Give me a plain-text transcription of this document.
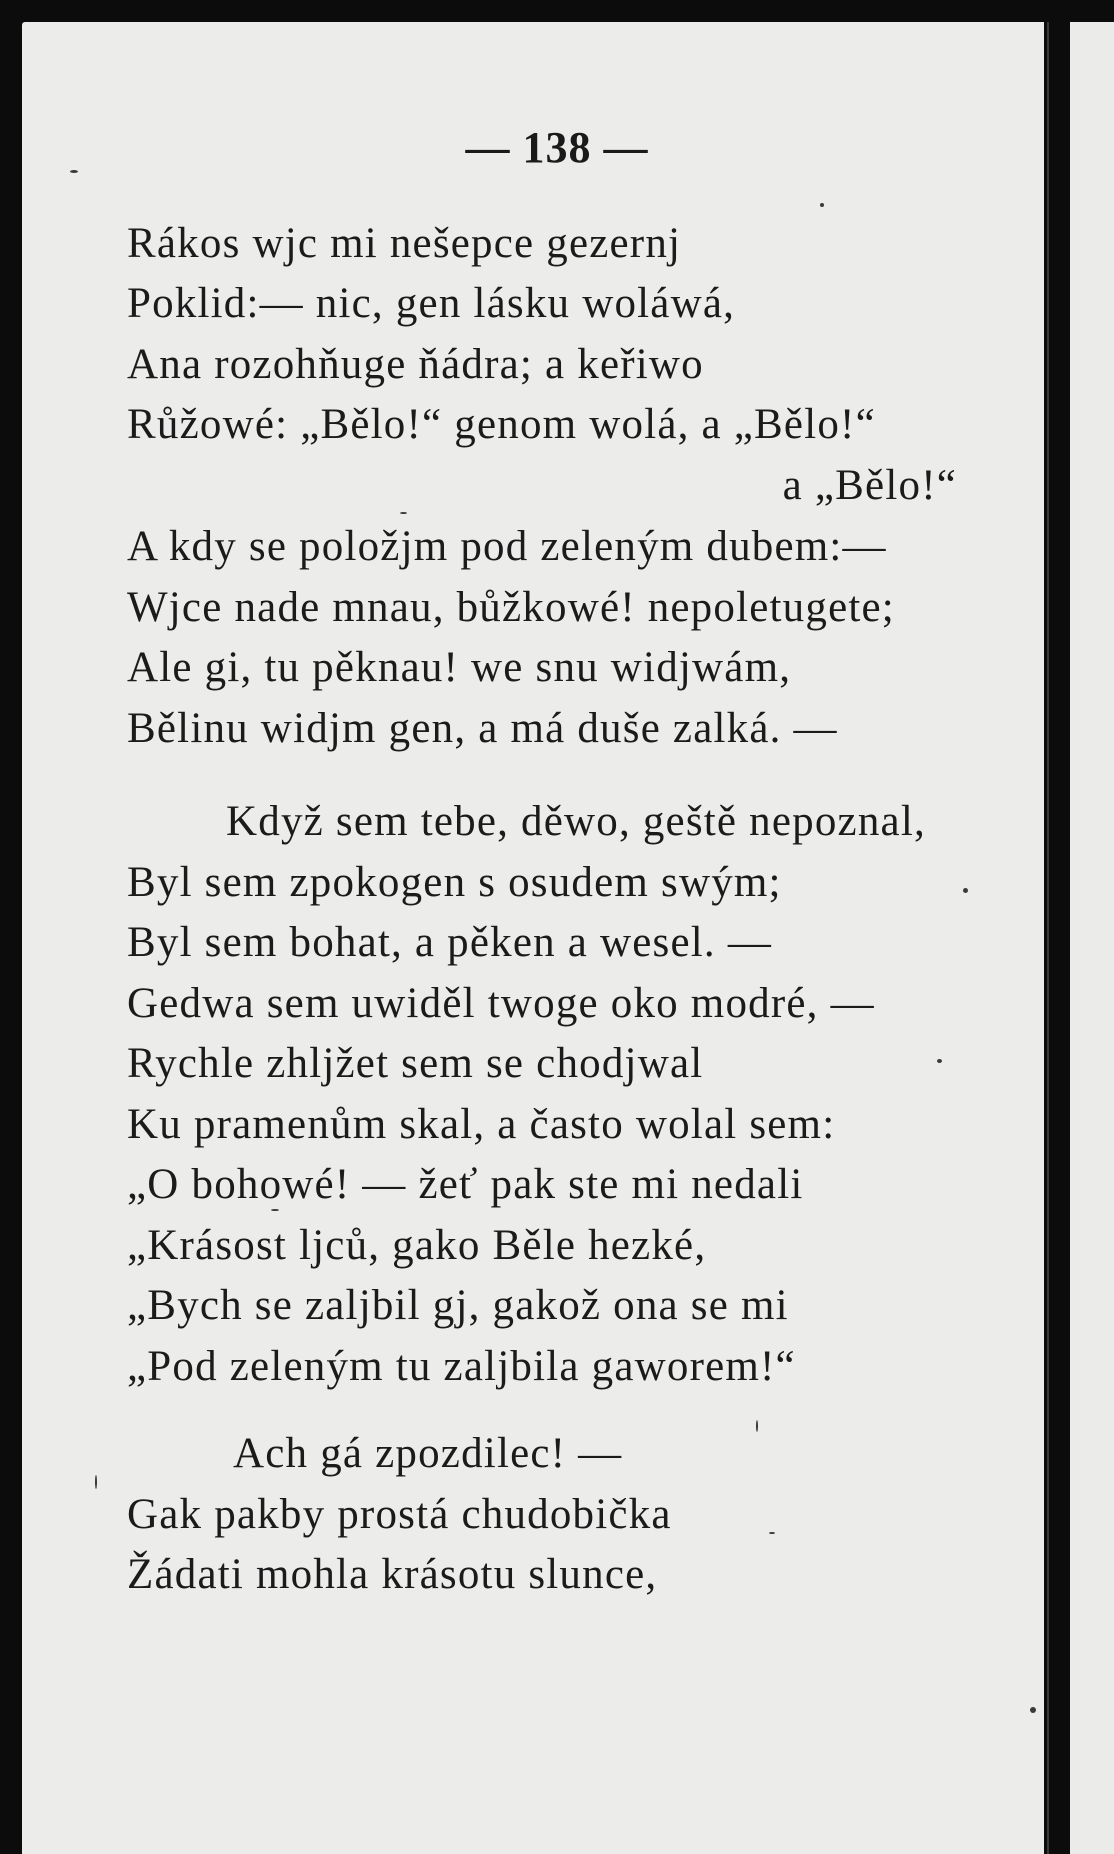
— 138 —
Rákos wjc mi nešepce gezernj
Poklid:— nic, gen lásku woláwá,
Ana rozohňuge ňádra; a keřiwo
Růžowé: „Bělo!“ genom wolá, a „Bělo!“
a „Bělo!“
A kdy se položjm pod zeleným dubem:—
Wjce nade mnau, bůžkowé! nepoletugete;
Ale gi, tu pěknau! we snu widjwám,
Bělinu widjm gen, a má duše zalká. —
Když sem tebe, děwo, geště nepoznal,
Byl sem zpokogen s osudem swým;
Byl sem bohat, a pěken a wesel. —
Gedwa sem uwiděl twoge oko modré, —
Rychle zhljžet sem se chodjwal
Ku pramenům skal, a často wolal sem:
„O bohowé! — žeť pak ste mi nedali
„Krásost ljců, gako Běle hezké,
„Bych se zaljbil gj, gakož ona se mi
„Pod zeleným tu zaljbila gaworem!“
Ach gá zpozdilec! —
Gak pakby prostá chudobička
Žádati mohla krásotu slunce,
